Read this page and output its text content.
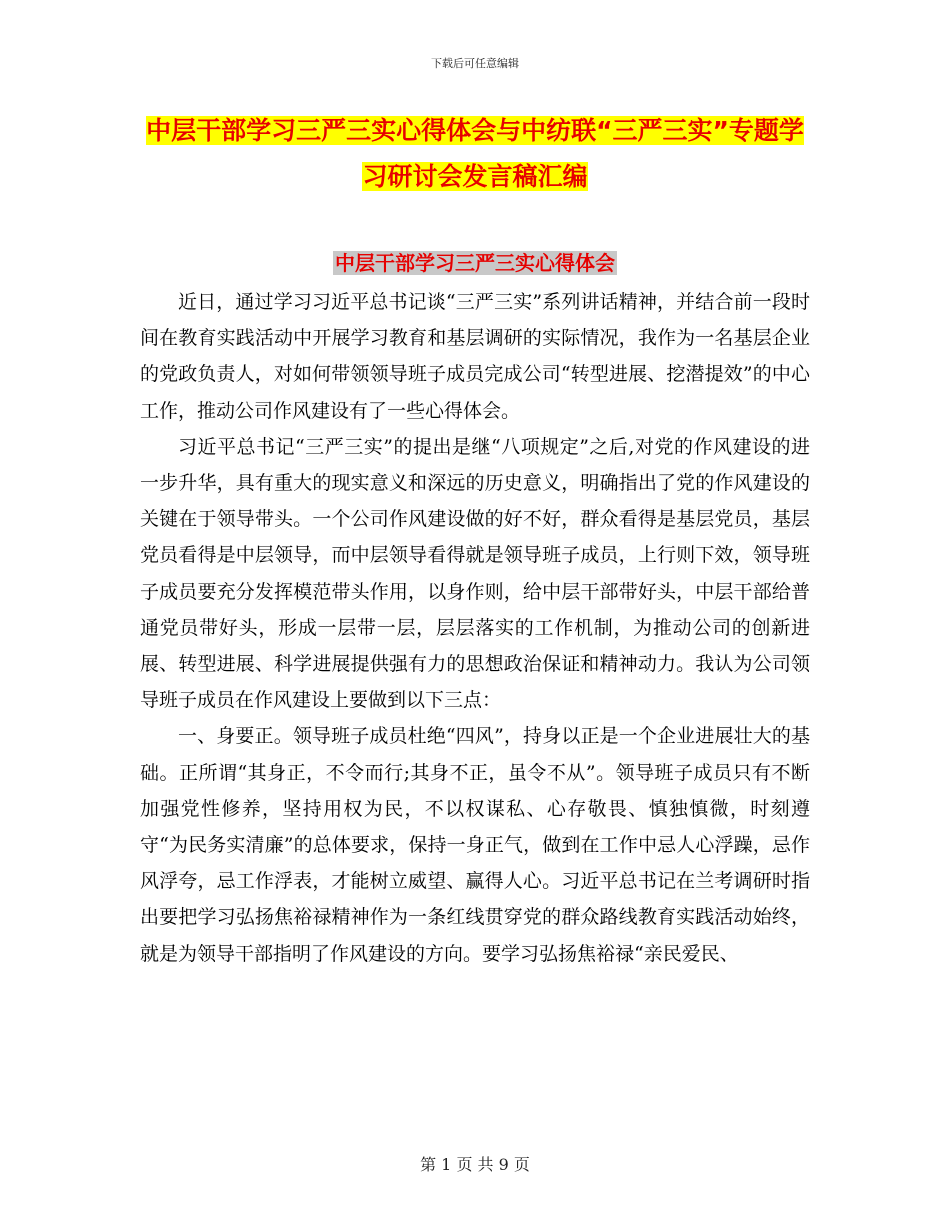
下载后可任意编辑
中层干部学习三严三实心得体会与中纺联“三严三实”专题学习研讨会发言稿汇编
中层干部学习三严三实心得体会

近日，通过学习习近平总书记谈“三严三实”系列讲话精神，并结合前一段时间在教育实践活动中开展学习教育和基层调研的实际情况，我作为一名基层企业的党政负责人，对如何带领领导班子成员完成公司“转型进展、挖潜提效”的中心工作，推动公司作风建设有了一些心得体会。

习近平总书记“三严三实”的提出是继“八项规定”之后,对党的作风建设的进一步升华，具有重大的现实意义和深远的历史意义，明确指出了党的作风建设的关键在于领导带头。一个公司作风建设做的好不好，群众看得是基层党员，基层党员看得是中层领导，而中层领导看得就是领导班子成员，上行则下效，领导班子成员要充分发挥模范带头作用，以身作则，给中层干部带好头，中层干部给普通党员带好头，形成一层带一层，层层落实的工作机制，为推动公司的创新进展、转型进展、科学进展提供强有力的思想政治保证和精神动力。我认为公司领导班子成员在作风建设上要做到以下三点：

一、身要正。领导班子成员杜绝“四风”，持身以正是一个企业进展壮大的基础。正所谓“其身正，不令而行;其身不正，虽令不从”。领导班子成员只有不断加强党性修养，坚持用权为民，不以权谋私、心存敬畏、慎独慎微，时刻遵守“为民务实清廉”的总体要求，保持一身正气，做到在工作中忌人心浮躁，忌作风浮夸，忌工作浮表，才能树立威望、赢得人心。习近平总书记在兰考调研时指出要把学习弘扬焦裕禄精神作为一条红线贯穿党的群众路线教育实践活动始终，就是为领导干部指明了作风建设的方向。要学习弘扬焦裕禄“亲民爱民、

第 1 页 共 9 页
